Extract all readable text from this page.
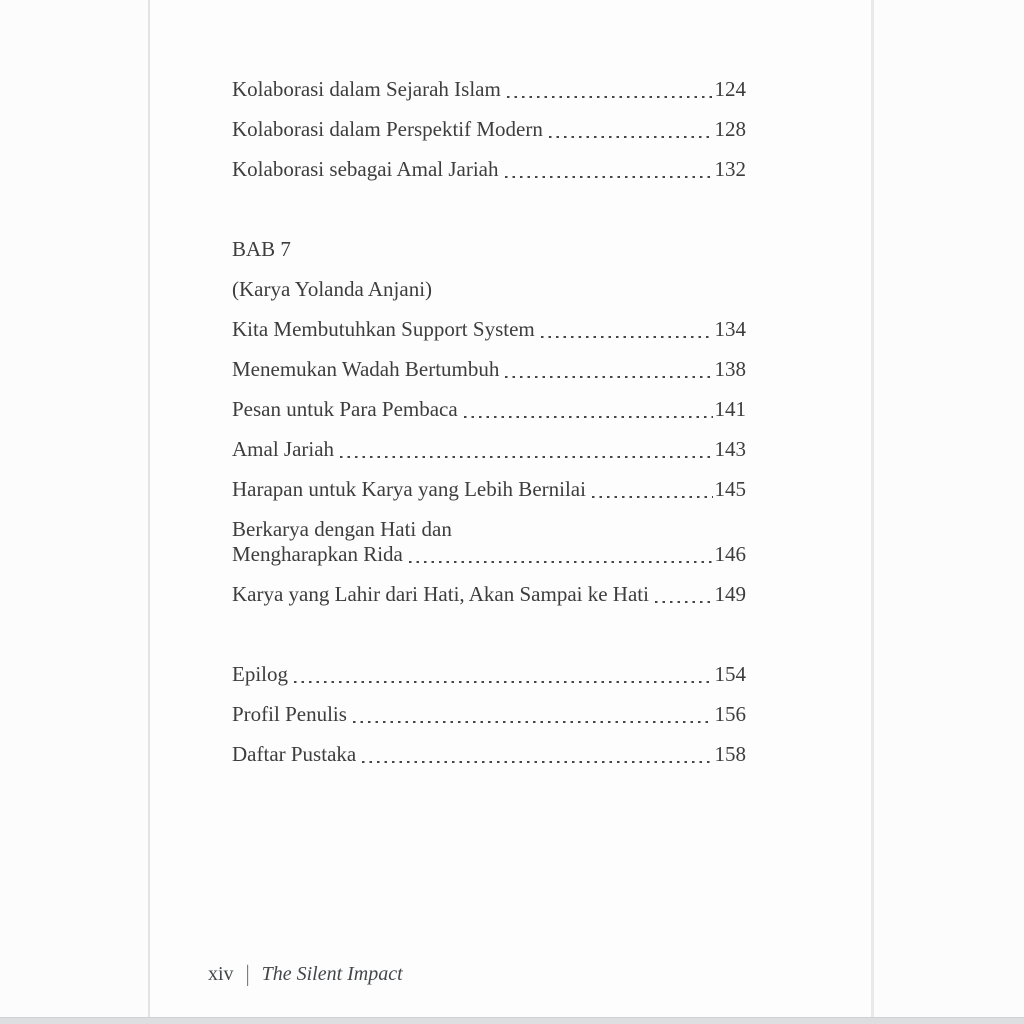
Kolaborasi dalam Sejarah Islam	124
Kolaborasi dalam Perspektif Modern	128
Kolaborasi sebagai Amal Jariah	132
BAB 7
(Karya Yolanda Anjani)
Kita Membutuhkan Support System	134
Menemukan Wadah Bertumbuh	138
Pesan untuk Para Pembaca	141
Amal Jariah	143
Harapan untuk Karya yang Lebih Bernilai	145
Berkarya dengan Hati dan
Mengharapkan Rida	146
Karya yang Lahir dari Hati, Akan Sampai ke Hati	149
Epilog	154
Profil Penulis	156
Daftar Pustaka	158
xiv | The Silent Impact
